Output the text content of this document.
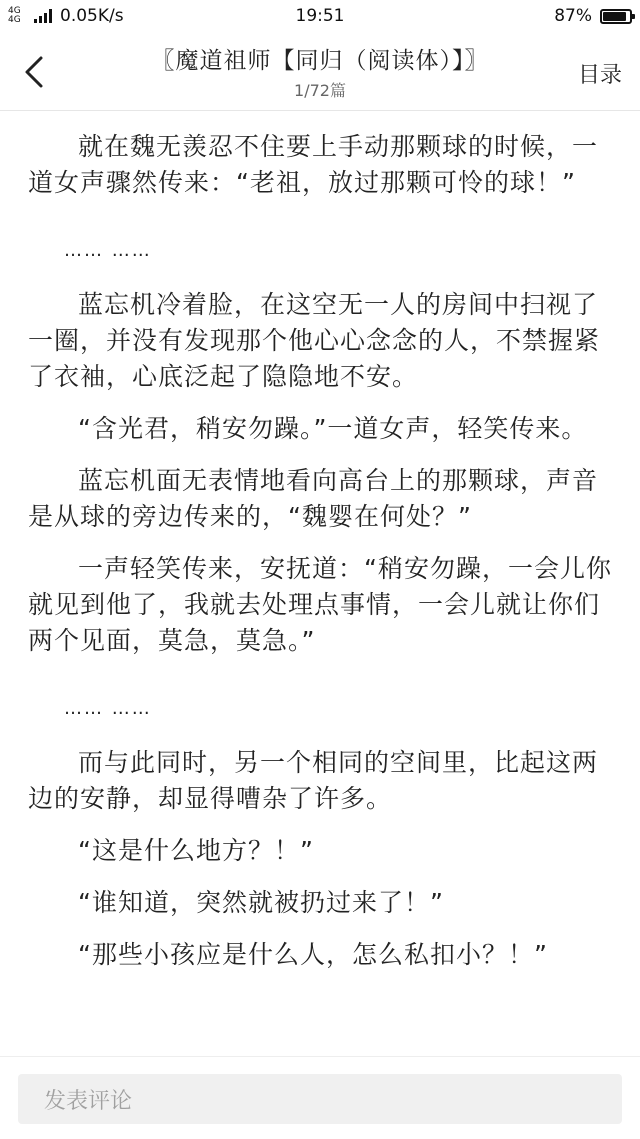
4G 4G	0.05K/s	19:51	87%
〖魔道祖师【同归（阅读体）】〗
1/72篇
目录

就在魏无羡忍不住要上手动那颗球的时候，一道女声骤然传来：“老祖，放过那颗可怜的球！”

…… ……

蓝忘机冷着脸，在这空无一人的房间中扫视了一圈，并没有发现那个他心心念念的人，不禁握紧了衣袖，心底泛起了隐隐地不安。

“含光君，稍安勿躁。”一道女声，轻笑传来。

蓝忘机面无表情地看向高台上的那颗球，声音是从球的旁边传来的，“魏婴在何处？”

一声轻笑传来，安抚道：“稍安勿躁，一会儿你就见到他了，我就去处理点事情，一会儿就让你们两个见面，莫急，莫急。”

…… ……

而与此同时，另一个相同的空间里，比起这两边的安静，却显得嘈杂了许多。

“这是什么地方？！”

“谁知道，突然就被扔过来了！”

“那些小孩应是什么人，怎么私扣小？！”

发表评论
